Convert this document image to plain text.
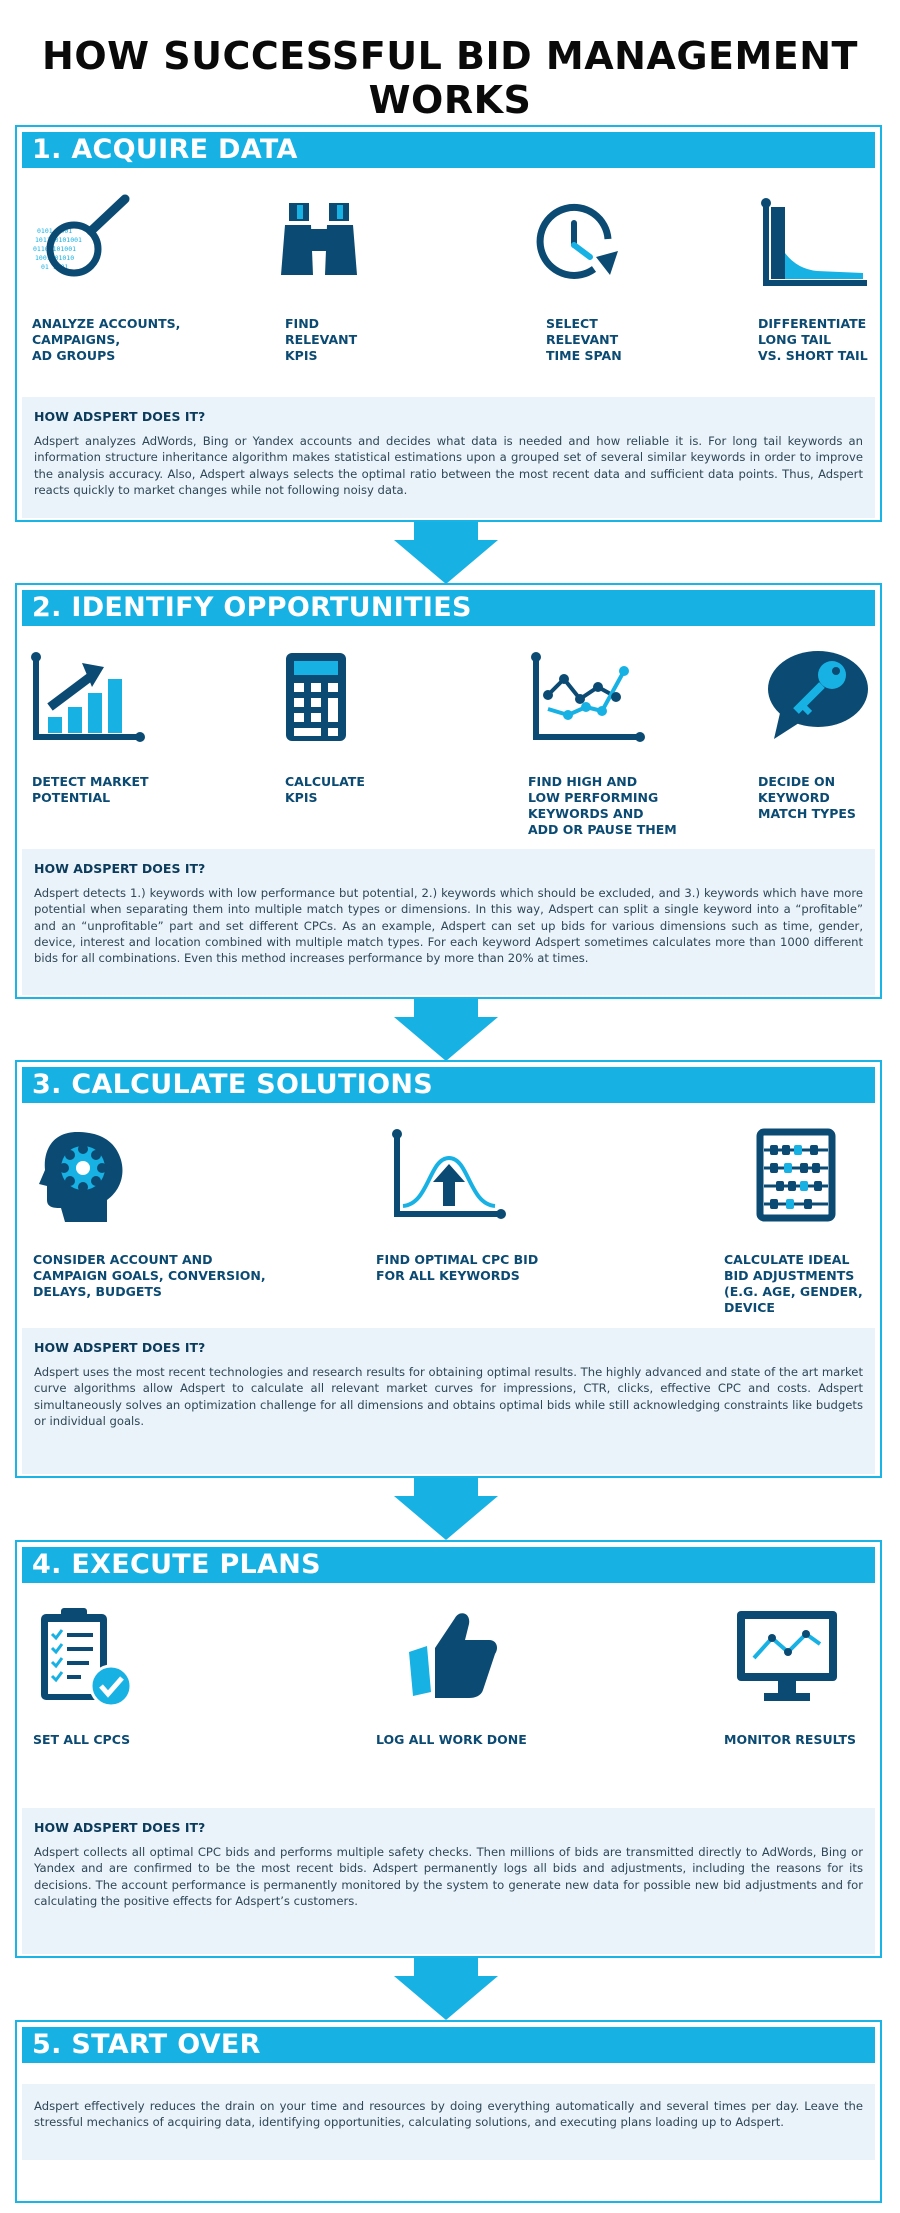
HOW SUCCESSFUL BID MANAGEMENT WORKS
1. ACQUIRE DATA
0101 1001
101100101001
0110 101001
1001 01010
01 1001
ANALYZE ACCOUNTS,
CAMPAIGNS,
AD GROUPS
FIND
RELEVANT
KPIS
SELECT
RELEVANT
TIME SPAN
DIFFERENTIATE
LONG TAIL
VS. SHORT TAIL
HOW ADSPERT DOES IT?
Adspert analyzes AdWords, Bing or Yandex accounts and decides what data is needed and how reliable it is. For long tail keywords an information structure inheritance algorithm makes statistical estimations upon a grouped set of several similar keywords in order to improve the analysis accuracy. Also, Adspert always selects the optimal ratio between the most recent data and sufficient data points. Thus, Adspert reacts quickly to market changes while not following noisy data.
2. IDENTIFY OPPORTUNITIES
DETECT MARKET
POTENTIAL
CALCULATE
KPIS
FIND HIGH AND
LOW PERFORMING
KEYWORDS AND
ADD OR PAUSE THEM
DECIDE ON
KEYWORD
MATCH TYPES
HOW ADSPERT DOES IT?
Adspert detects 1.) keywords with low performance but potential, 2.) keywords which should be excluded, and 3.) keywords which have more potential when separating them into multiple match types or dimensions. In this way, Adspert can split a single keyword into a “profitable” and an “unprofitable” part and set different CPCs. As an example, Adspert can set up bids for various dimensions such as time, gender, device, interest and location combined with multiple match types. For each keyword Adspert sometimes calculates more than 1000 different bids for all combinations. Even this method increases performance by more than 20% at times.
3. CALCULATE SOLUTIONS
CONSIDER ACCOUNT AND
CAMPAIGN GOALS, CONVERSION,
DELAYS, BUDGETS
FIND OPTIMAL CPC BID
FOR ALL KEYWORDS
CALCULATE IDEAL
BID ADJUSTMENTS
(E.G. AGE, GENDER,
DEVICE
HOW ADSPERT DOES IT?
Adspert uses the most recent technologies and research results for obtaining optimal results. The highly advanced and state of the art market curve algorithms allow Adspert to calculate all relevant market curves for impressions, CTR, clicks, effective CPC and costs. Adspert simultaneously solves an optimization challenge for all dimensions and obtains optimal bids while still acknowledging constraints like budgets or individual goals.
4. EXECUTE PLANS
SET ALL CPCS	LOG ALL WORK DONE	MONITOR RESULTS
HOW ADSPERT DOES IT?
Adspert collects all optimal CPC bids and performs multiple safety checks. Then millions of bids are transmitted directly to AdWords, Bing or Yandex and are confirmed to be the most recent bids. Adspert permanently logs all bids and adjustments, including the reasons for its decisions. The account performance is permanently monitored by the system to generate new data for possible new bid adjustments and for calculating the positive effects for Adspert’s customers.
5. START OVER
Adspert effectively reduces the drain on your time and resources by doing everything automatically and several times per day. Leave the stressful mechanics of acquiring data, identifying opportunities, calculating solutions, and executing plans loading up to Adspert.
